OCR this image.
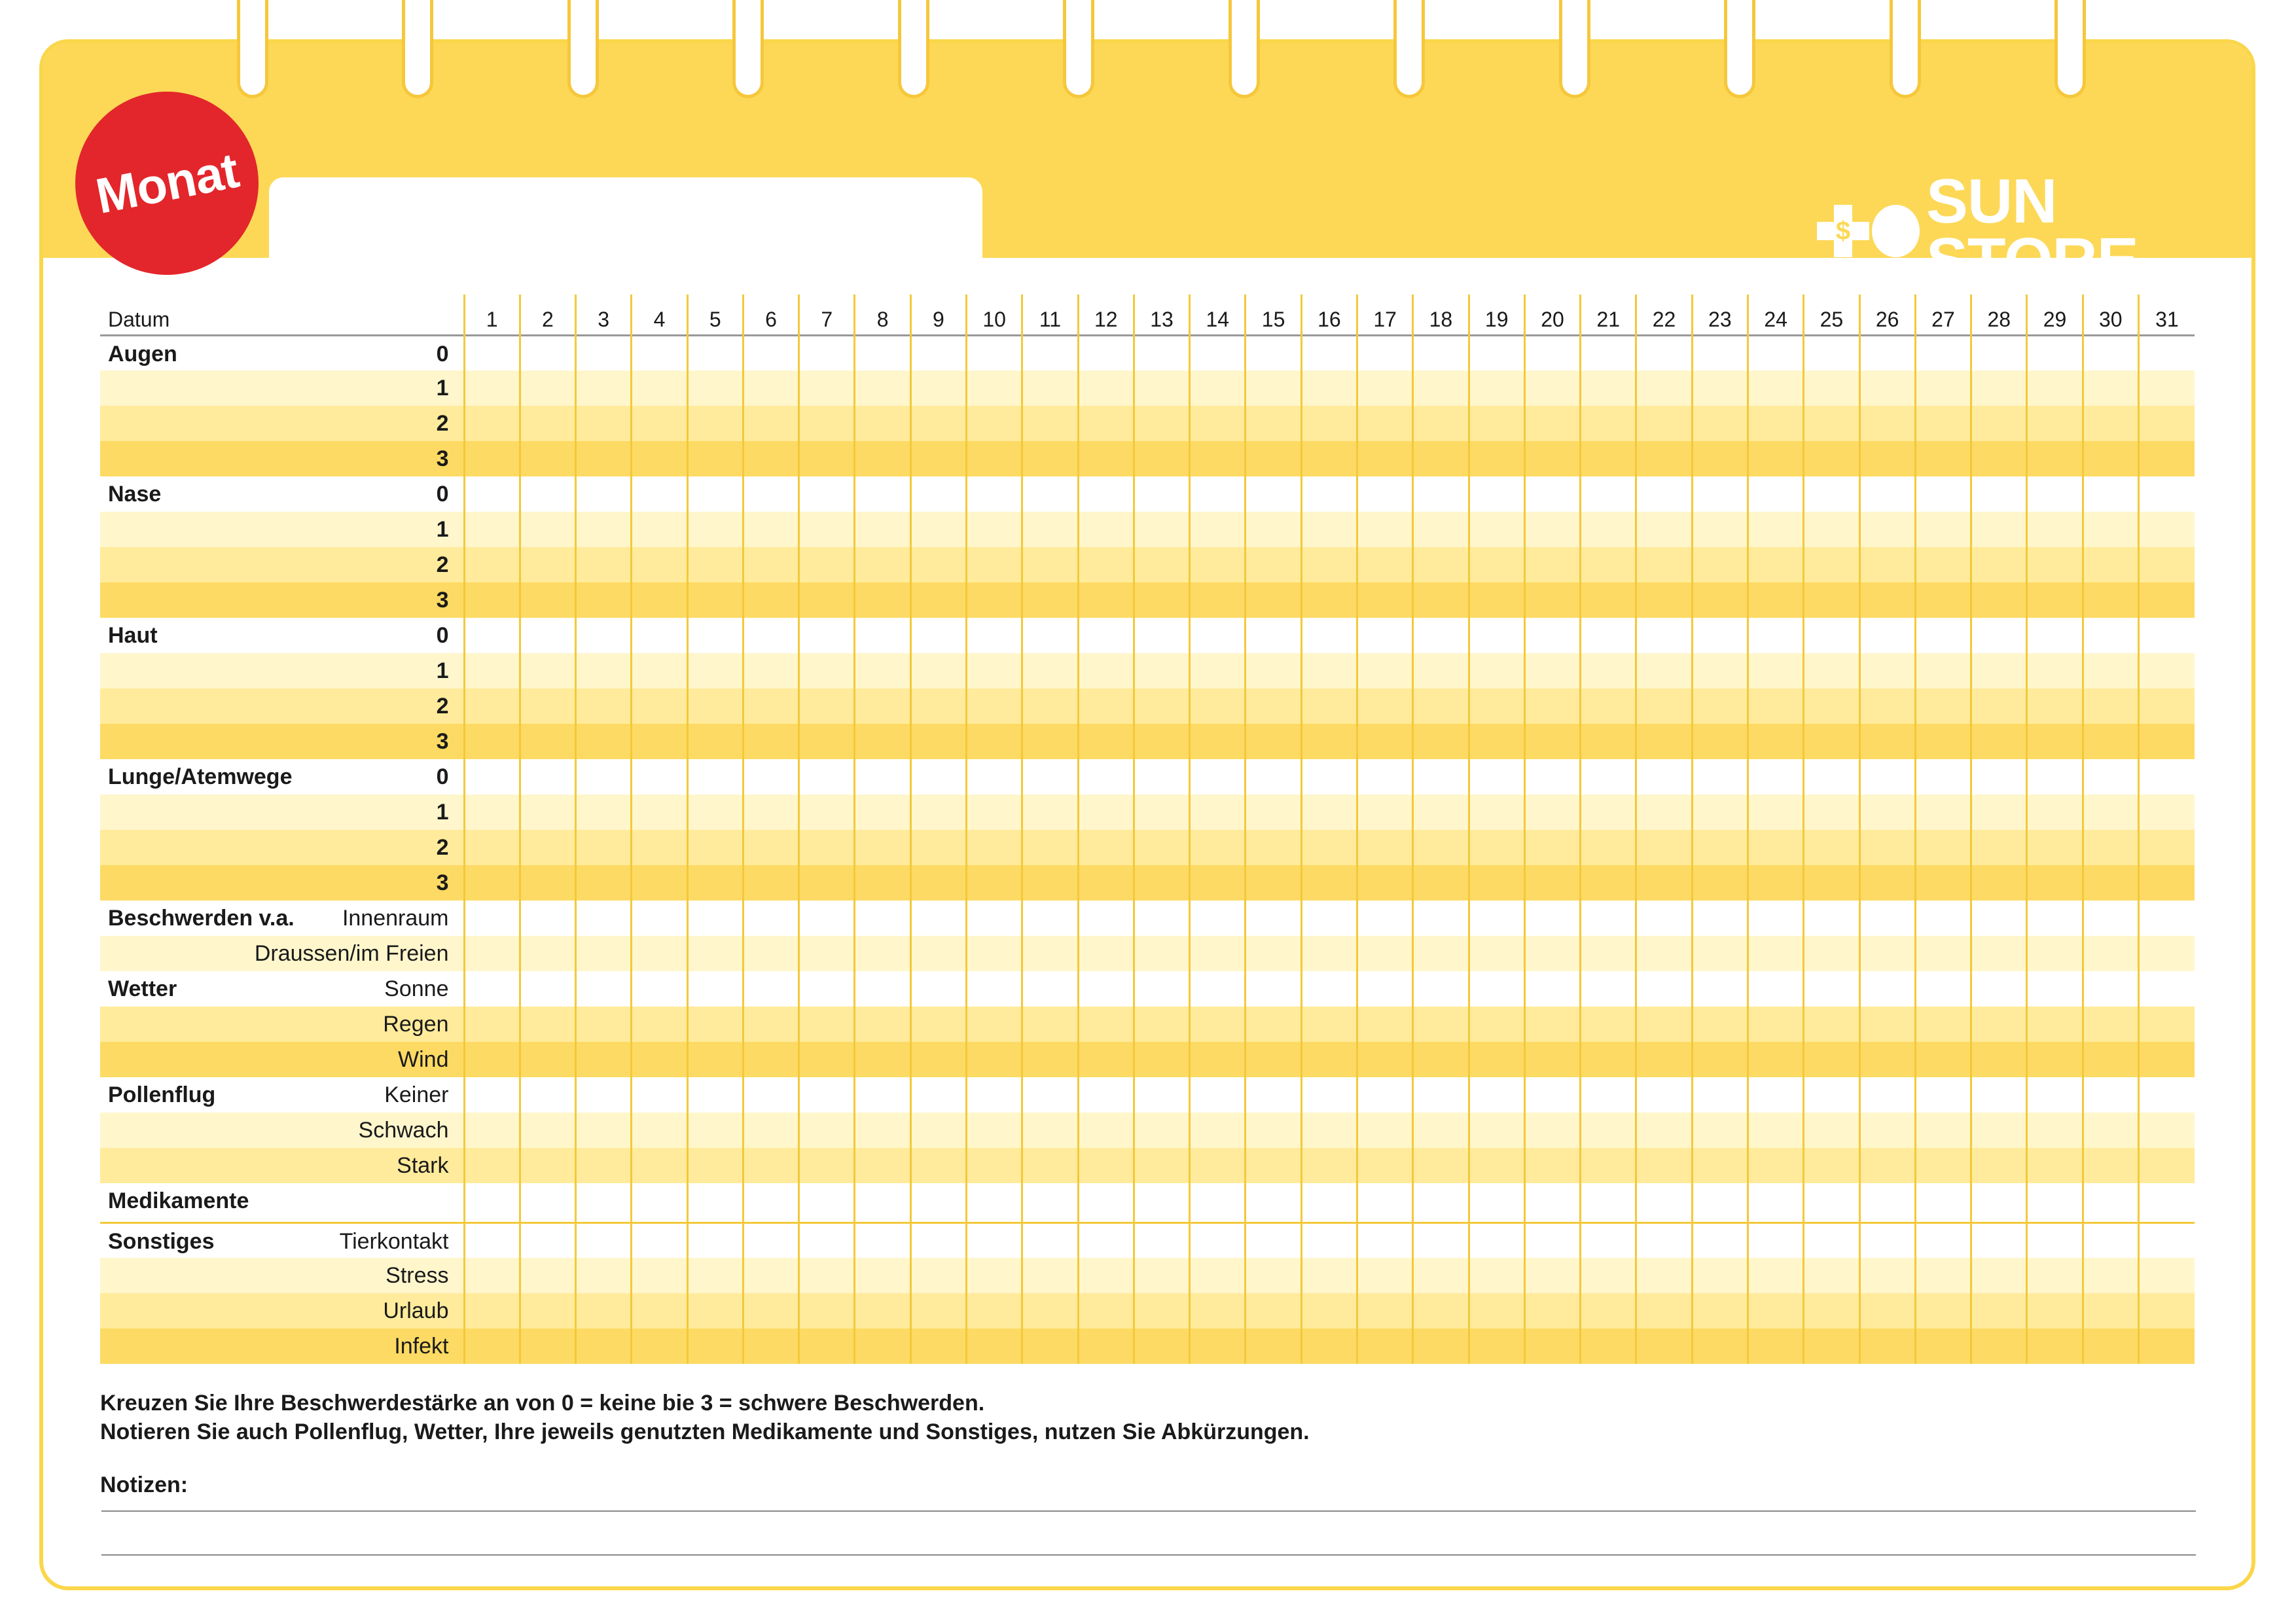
$ SUN STORE
Monat
Datum	1	2	3	4	5	6	7	8	9	10	11	12	13	14	15	16	17	18	19	20	21	22	23	24	25	26	27	28	29	30	31

Augen 0																															

1																															

2																															

3																															

Nase 0																															

1																															

2																															

3																															

Haut 0																															

1																															

2																															

3																															

Lunge/Atemwege 0																															

1																															

2																															

3																															

Beschwerden v.a. Innenraum																															

Draussen/im Freien																															

Wetter Sonne																															

Regen																															

Wind																															

Pollenflug Keiner																															

Schwach																															

Stark																															

Medikamente																															

Sonstiges Tierkontakt																															

Stress																															

Urlaub																															

Infekt																															

Kreuzen Sie Ihre Beschwerdestärke an von 0 = keine bie 3 = schwere Beschwerden.
Notieren Sie auch Pollenflug, Wetter, Ihre jeweils genutzten Medikamente und Sonstiges, nutzen Sie Abkürzungen.
Notizen:
